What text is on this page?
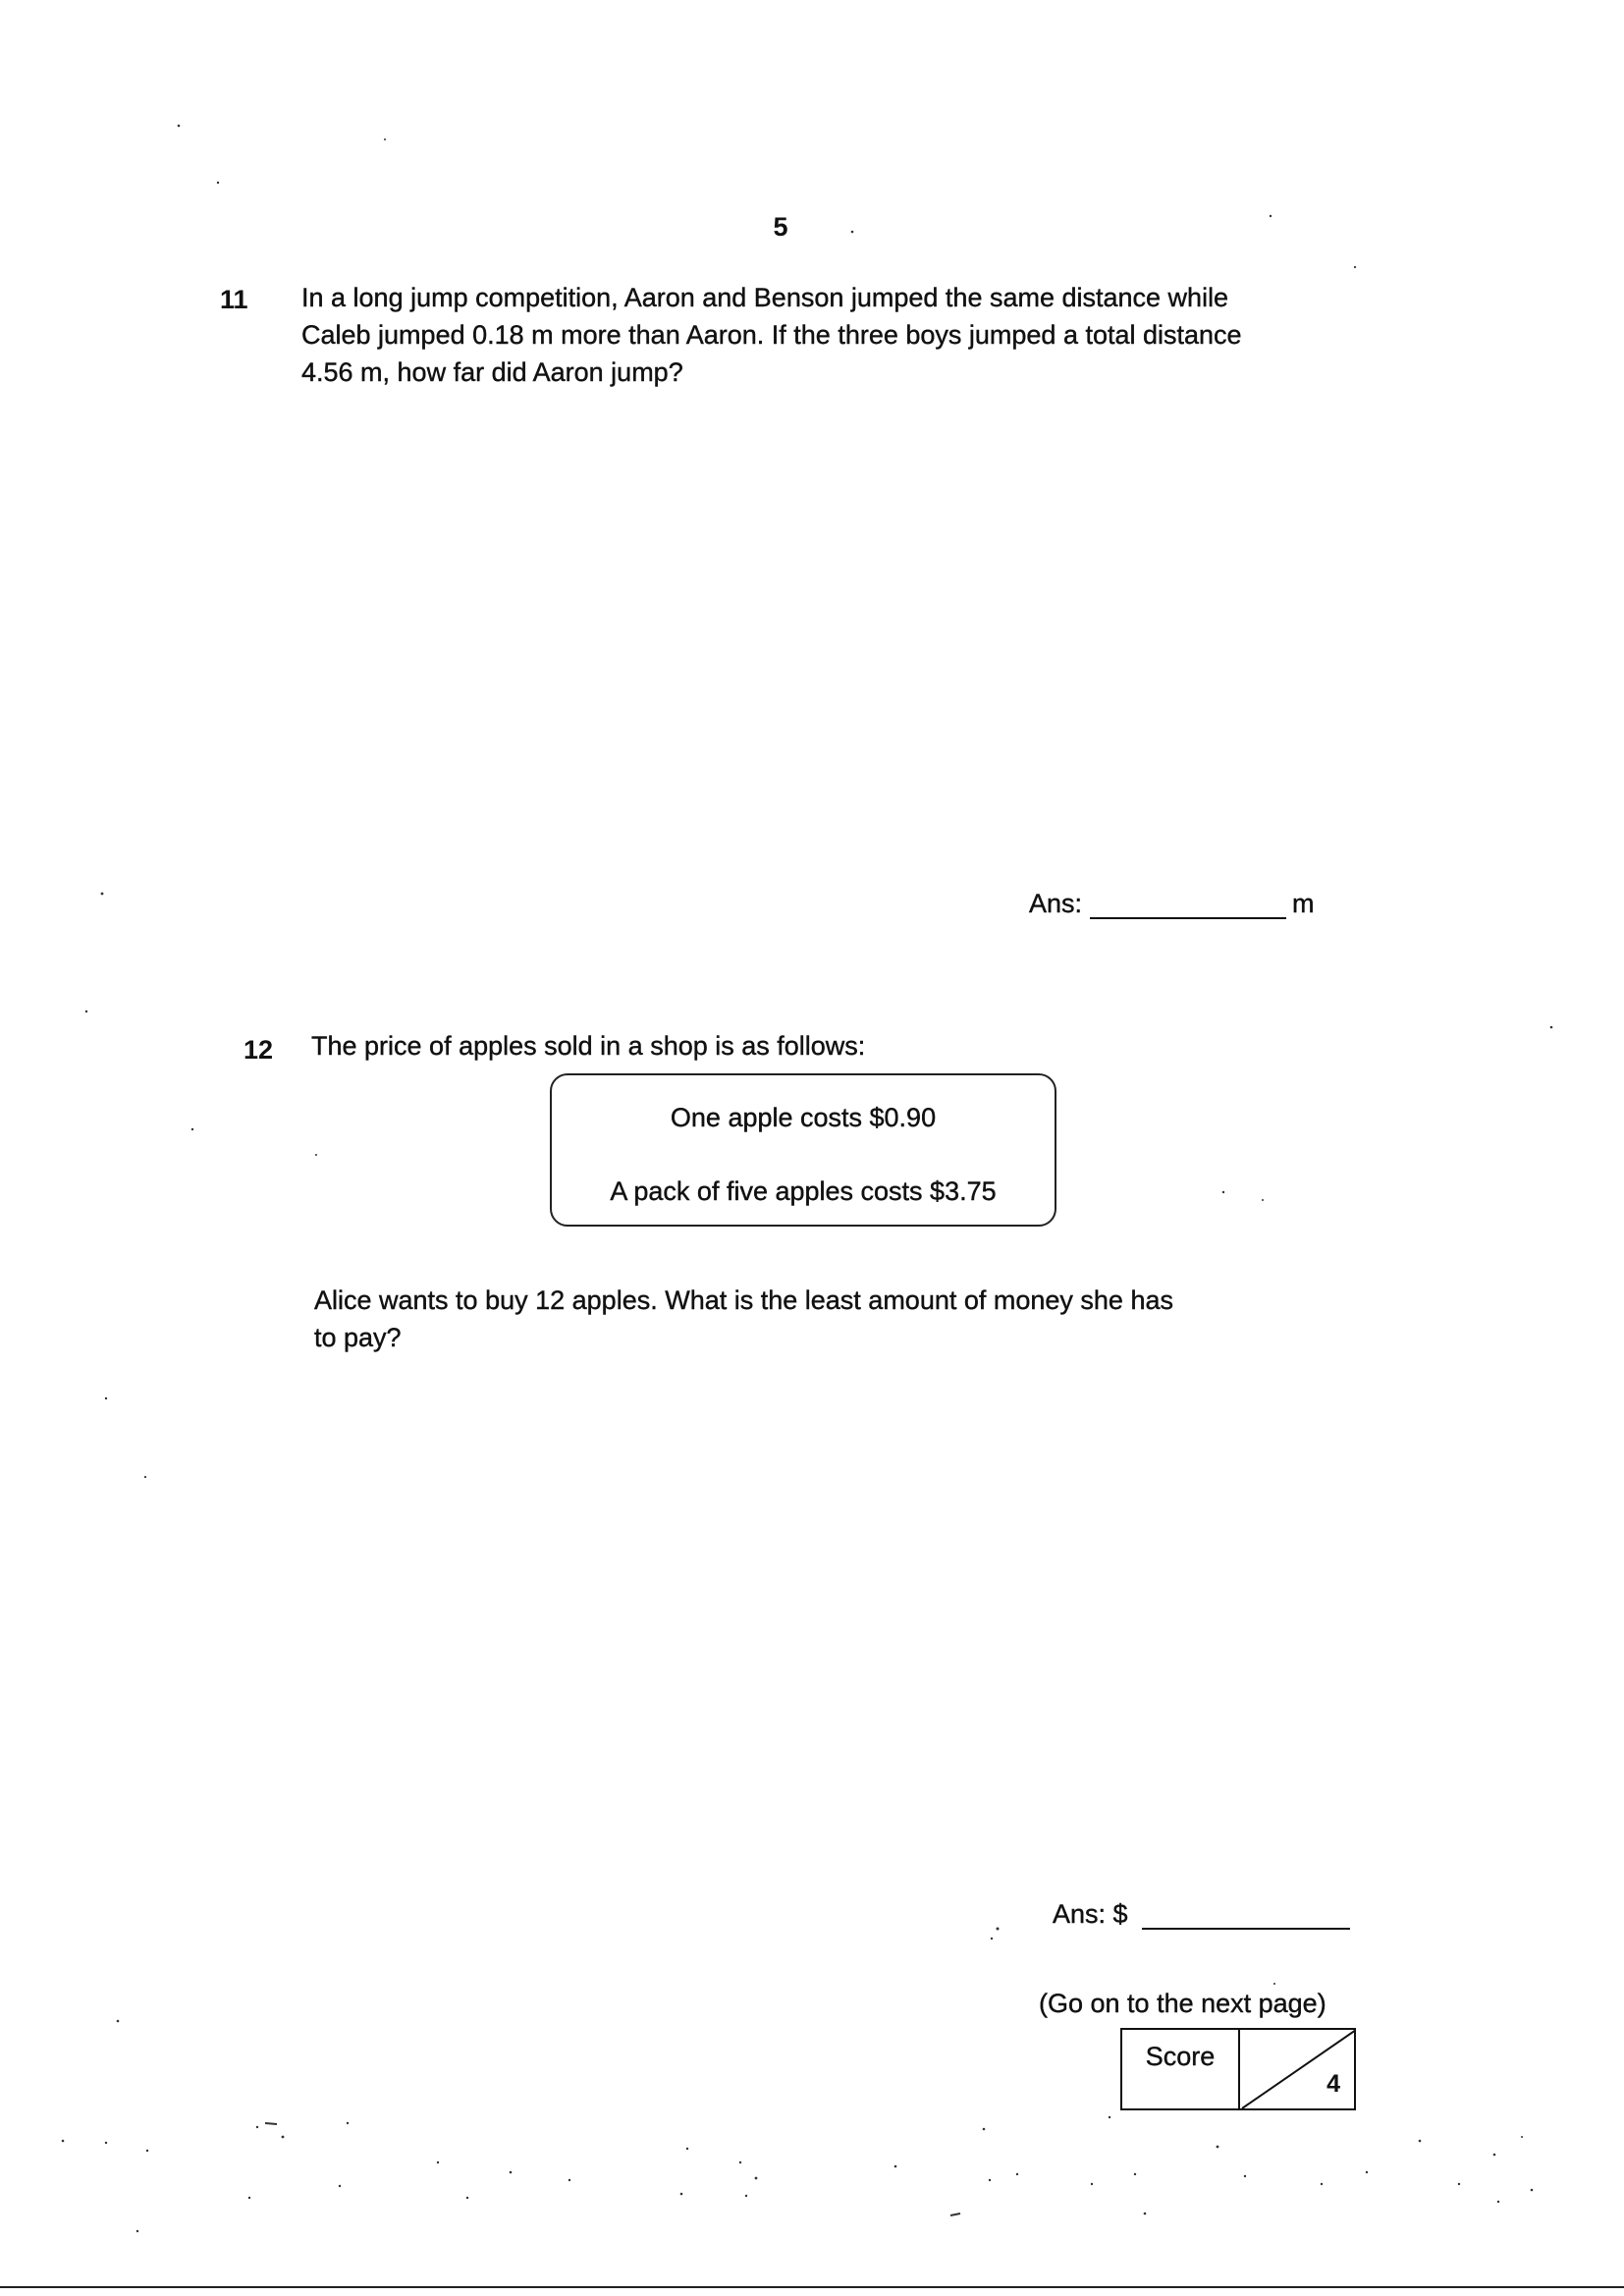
5
11 In a long jump competition, Aaron and Benson jumped the same distance while
Caleb jumped 0.18 m more than Aaron. If the three boys jumped a total distance
4.56 m, how far did Aaron jump?
Ans:	m
12 The price of apples sold in a shop is as follows:
One apple costs $0.90
A pack of five apples costs $3.75
Alice wants to buy 12 apples. What is the least amount of money she has
to pay?
Ans: $
(Go on to the next page)
Score
4
